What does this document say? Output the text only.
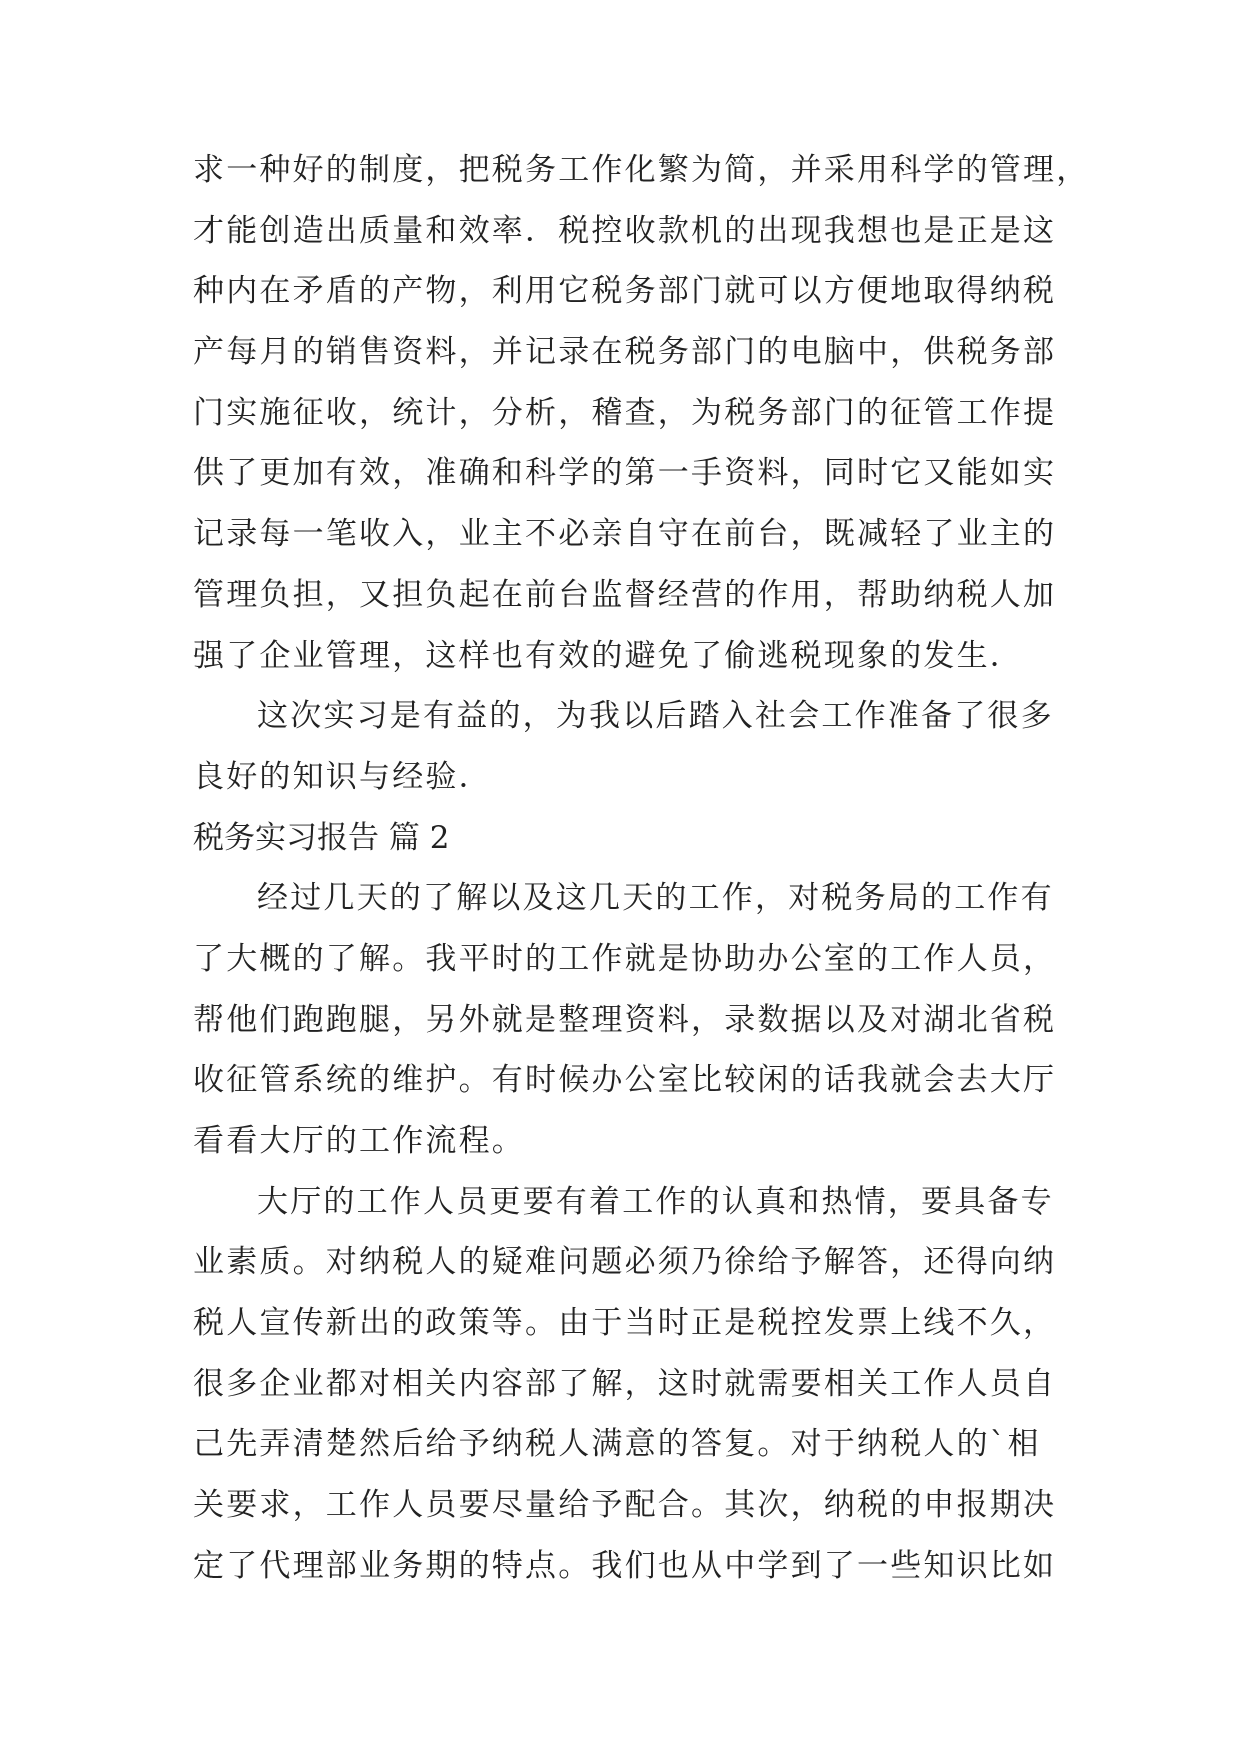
求一种好的制度，把税务工作化繁为简，并采用科学的管理，
才能创造出质量和效率．税控收款机的出现我想也是正是这
种内在矛盾的产物，利用它税务部门就可以方便地取得纳税
产每月的销售资料，并记录在税务部门的电脑中，供税务部
门实施征收，统计，分析，稽查，为税务部门的征管工作提
供了更加有效，准确和科学的第一手资料，同时它又能如实
记录每一笔收入，业主不必亲自守在前台，既减轻了业主的
管理负担，又担负起在前台监督经营的作用，帮助纳税人加
强了企业管理，这样也有效的避免了偷逃税现象的发生．
这次实习是有益的，为我以后踏入社会工作准备了很多
良好的知识与经验．
税务实习报告 篇 2
经过几天的了解以及这几天的工作，对税务局的工作有
了大概的了解。我平时的工作就是协助办公室的工作人员，
帮他们跑跑腿，另外就是整理资料，录数据以及对湖北省税
收征管系统的维护。有时候办公室比较闲的话我就会去大厅
看看大厅的工作流程。
大厅的工作人员更要有着工作的认真和热情，要具备专
业素质。对纳税人的疑难问题必须乃徐给予解答，还得向纳
税人宣传新出的政策等。由于当时正是税控发票上线不久，
很多企业都对相关内容部了解，这时就需要相关工作人员自
己先弄清楚然后给予纳税人满意的答复。对于纳税人的`相
关要求，工作人员要尽量给予配合。其次，纳税的申报期决
定了代理部业务期的特点。我们也从中学到了一些知识比如
